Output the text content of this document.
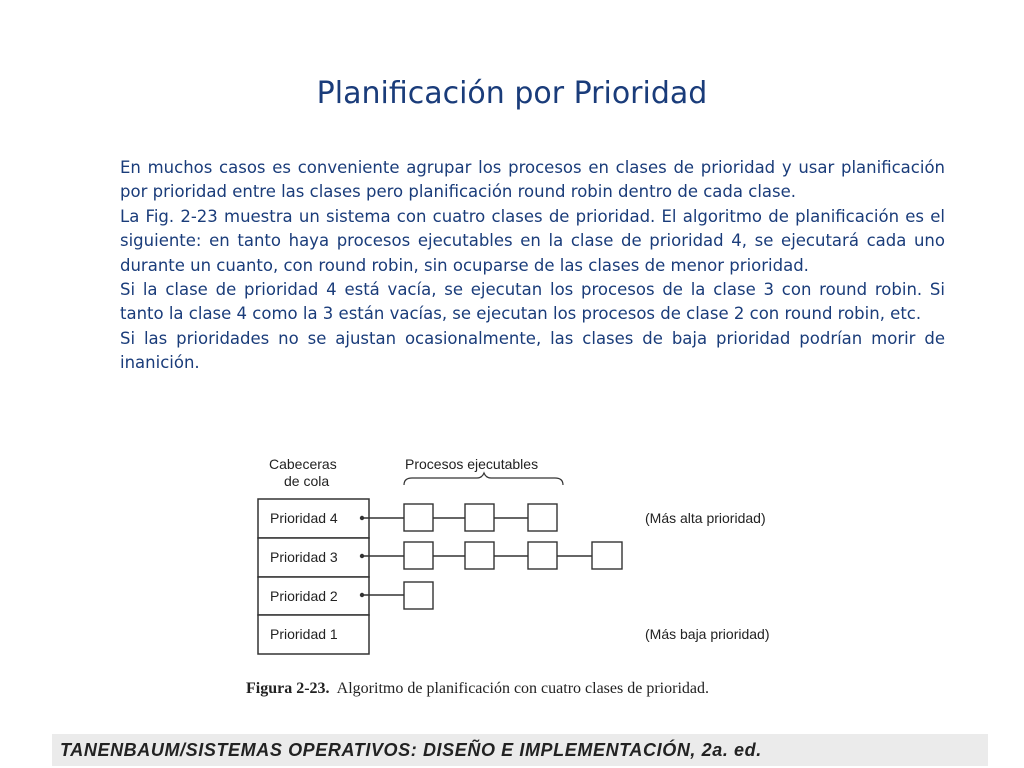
Planificación por Prioridad

En muchos casos es conveniente agrupar los procesos en clases de prioridad y usar planificación por prioridad entre las clases pero planificación round robin dentro de cada clase.

La Fig. 2-23 muestra un sistema con cuatro clases de prioridad. El algoritmo de planificación es el siguiente: en tanto haya procesos ejecutables en la clase de prioridad 4, se ejecutará cada uno durante un cuanto, con round robin, sin ocuparse de las clases de menor prioridad.

Si la clase de prioridad 4 está vacía, se ejecutan los procesos de la clase 3 con round robin. Si tanto la clase 4 como la 3 están vacías, se ejecutan los procesos de clase 2 con round robin, etc.

Si las prioridades no se ajustan ocasionalmente, las clases de baja prioridad podrían morir de inanición.

Cabeceras
de cola
Procesos ejecutables
Prioridad 4
Prioridad 3
Prioridad 2
Prioridad 1
(Más alta prioridad)
(Más baja prioridad)
Figura 2-23. Algoritmo de planificación con cuatro clases de prioridad.
TANENBAUM/SISTEMAS OPERATIVOS: DISEÑO E IMPLEMENTACIÓN, 2a. ed.
